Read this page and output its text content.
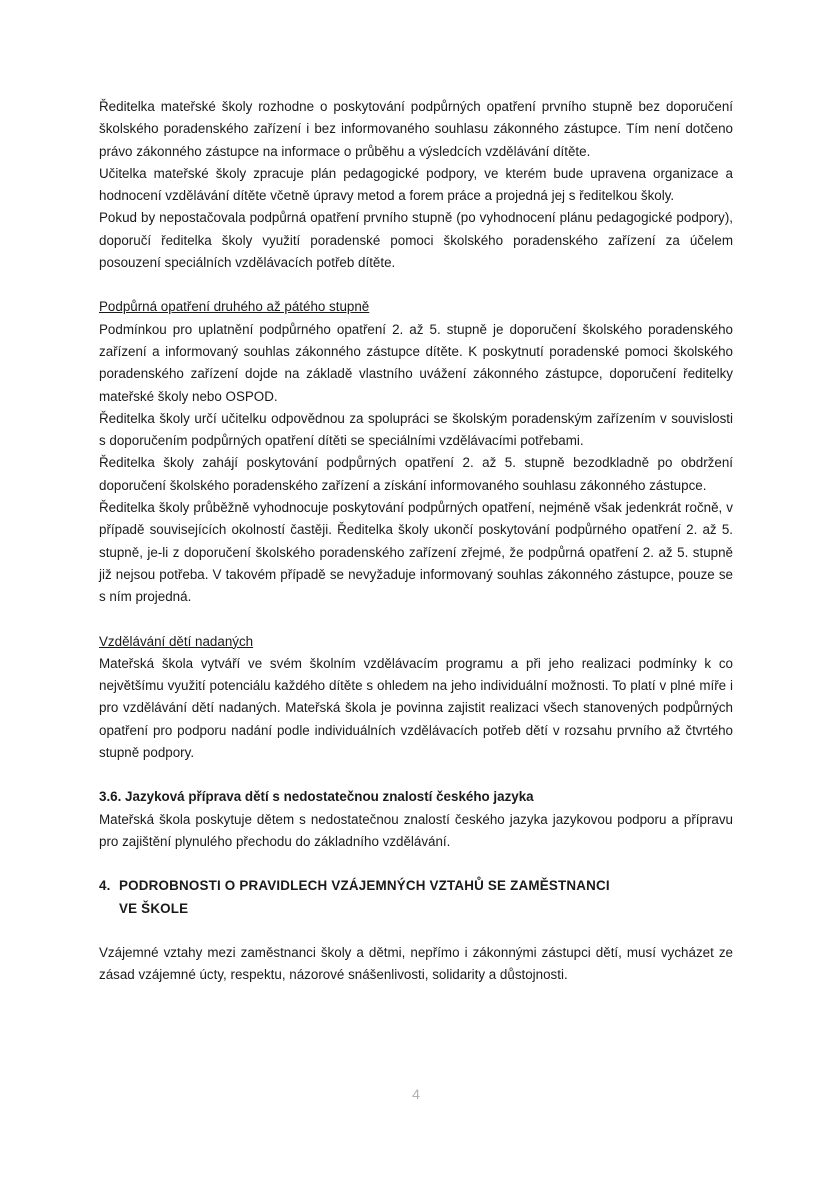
Ředitelka mateřské školy rozhodne o poskytování podpůrných opatření prvního stupně bez doporučení školského poradenského zařízení i bez informovaného souhlasu zákonného zástupce. Tím není dotčeno právo zákonného zástupce na informace o průběhu a výsledcích vzdělávání dítěte.

Učitelka mateřské školy zpracuje plán pedagogické podpory, ve kterém bude upravena organizace a hodnocení vzdělávání dítěte včetně úpravy metod a forem práce a projedná jej s ředitelkou školy.

Pokud by nepostačovala podpůrná opatření prvního stupně (po vyhodnocení plánu pedagogické podpory), doporučí ředitelka školy využití poradenské pomoci školského poradenského zařízení za účelem posouzení speciálních vzdělávacích potřeb dítěte.

Podpůrná opatření druhého až pátého stupně

Podmínkou pro uplatnění podpůrného opatření 2. až 5. stupně je doporučení školského poradenského zařízení a informovaný souhlas zákonného zástupce dítěte. K poskytnutí poradenské pomoci školského poradenského zařízení dojde na základě vlastního uvážení zákonného zástupce, doporučení ředitelky mateřské školy nebo OSPOD.

Ředitelka školy určí učitelku odpovědnou za spolupráci se školským poradenským zařízením v souvislosti s doporučením podpůrných opatření dítěti se speciálními vzdělávacími potřebami.

Ředitelka školy zahájí poskytování podpůrných opatření 2. až 5. stupně bezodkladně po obdržení doporučení školského poradenského zařízení a získání informovaného souhlasu zákonného zástupce.

Ředitelka školy průběžně vyhodnocuje poskytování podpůrných opatření, nejméně však jedenkrát ročně, v případě souvisejících okolností častěji. Ředitelka školy ukončí poskytování podpůrného opatření 2. až 5. stupně, je-li z doporučení školského poradenského zařízení zřejmé, že podpůrná opatření 2. až 5. stupně již nejsou potřeba. V takovém případě se nevyžaduje informovaný souhlas zákonného zástupce, pouze se s ním projedná.

Vzdělávání dětí nadaných

Mateřská škola vytváří ve svém školním vzdělávacím programu a při jeho realizaci podmínky k co největšímu využití potenciálu každého dítěte s ohledem na jeho individuální možnosti. To platí v plné míře i pro vzdělávání dětí nadaných. Mateřská škola je povinna zajistit realizaci všech stanovených podpůrných opatření pro podporu nadání podle individuálních vzdělávacích potřeb dětí v rozsahu prvního až čtvrtého stupně podpory.

3.6. Jazyková příprava dětí s nedostatečnou znalostí českého jazyka

Mateřská škola poskytuje dětem s nedostatečnou znalostí českého jazyka jazykovou podporu a přípravu pro zajištění plynulého přechodu do základního vzdělávání.

4. PODROBNOSTI O PRAVIDLECH VZÁJEMNÝCH VZTAHŮ SE ZAMĚSTNANCI
VE ŠKOLE

Vzájemné vztahy mezi zaměstnanci školy a dětmi, nepřímo i zákonnými zástupci dětí, musí vycházet ze zásad vzájemné úcty, respektu, názorové snášenlivosti, solidarity a důstojnosti.

4
